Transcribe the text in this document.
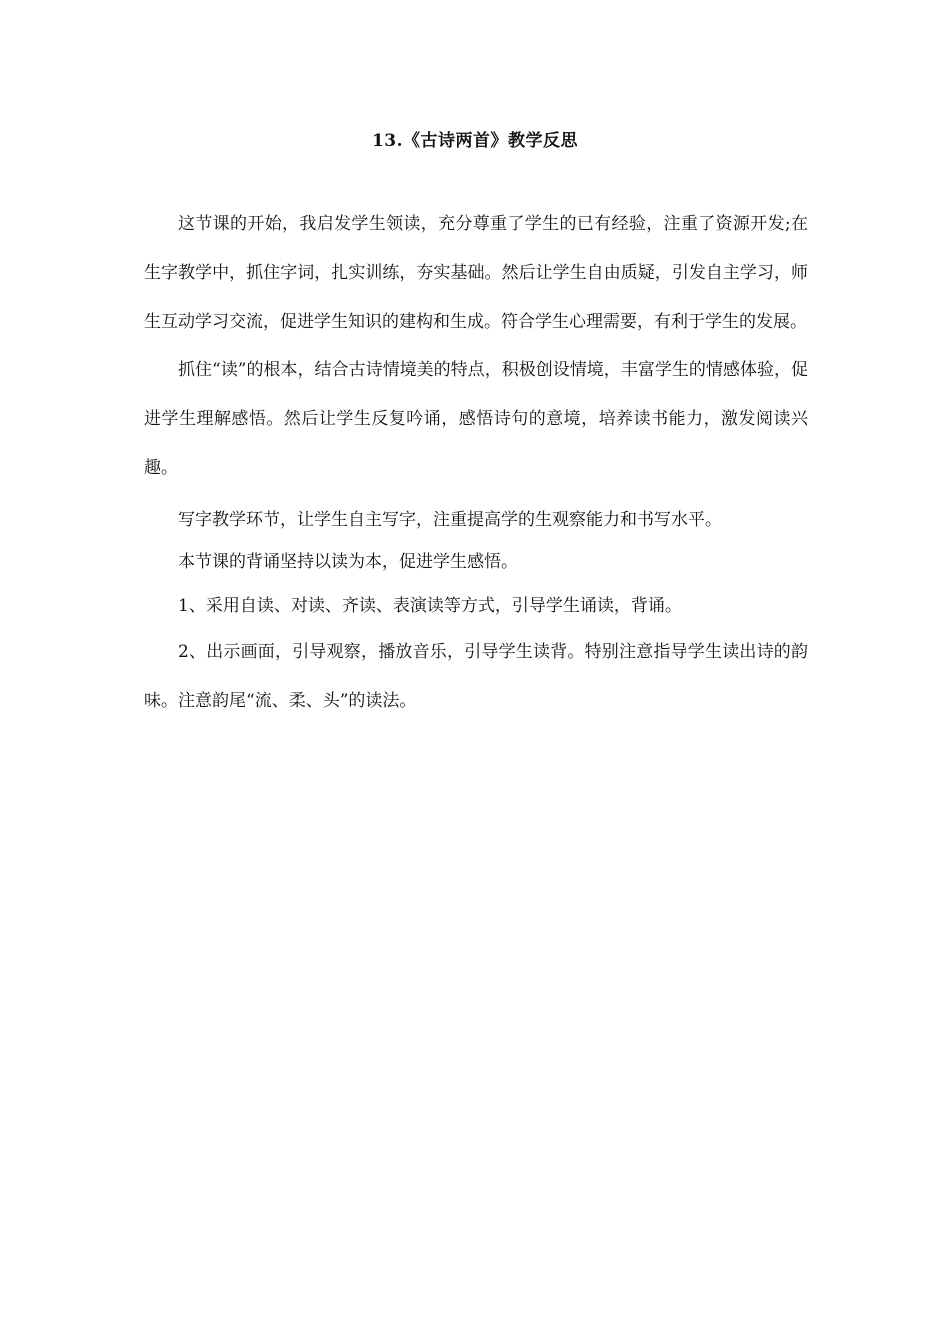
13.《古诗两首》教学反思

这节课的开始，我启发学生领读，充分尊重了学生的已有经验，注重了资源开发;在生字教学中，抓住字词，扎实训练，夯实基础。然后让学生自由质疑，引发自主学习，师生互动学习交流，促进学生知识的建构和生成。符合学生心理需要，有利于学生的发展。

抓住“读”的根本，结合古诗情境美的特点，积极创设情境，丰富学生的情感体验，促进学生理解感悟。然后让学生反复吟诵，感悟诗句的意境，培养读书能力，激发阅读兴趣。

写字教学环节，让学生自主写字，注重提高学的生观察能力和书写水平。

本节课的背诵坚持以读为本，促进学生感悟。

1、采用自读、对读、齐读、表演读等方式，引导学生诵读，背诵。

2、出示画面，引导观察，播放音乐，引导学生读背。特别注意指导学生读出诗的韵味。注意韵尾“流、柔、头”的读法。
